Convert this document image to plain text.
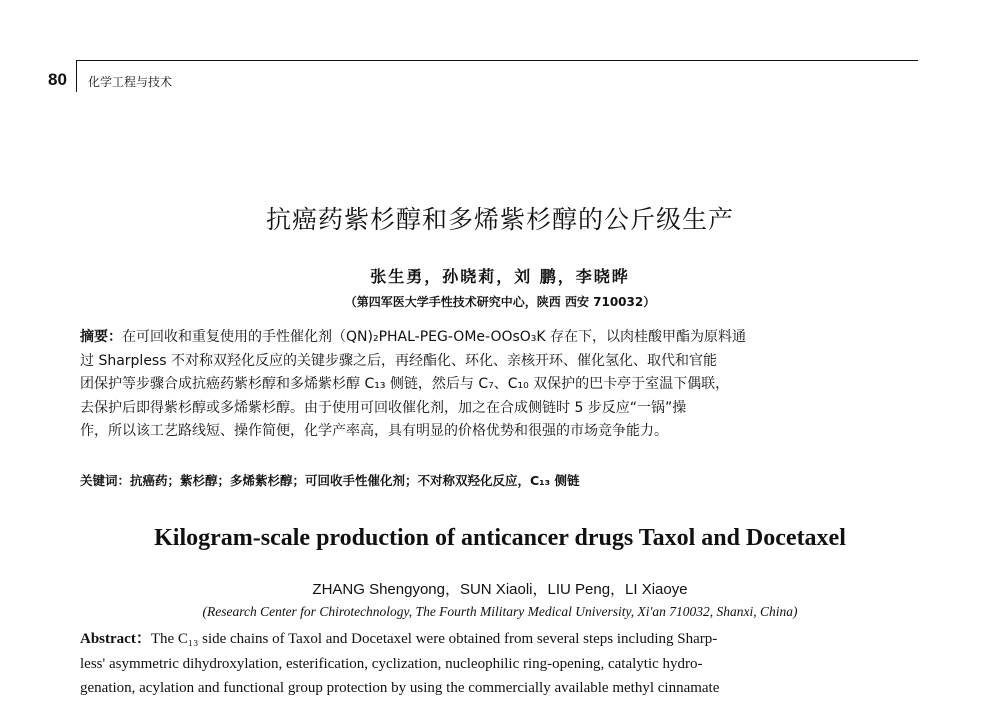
80 化学工程与技术
抗癌药紫杉醇和多烯紫杉醇的公斤级生产
张生勇，孙晓莉，刘 鹏，李晓晔
（第四军医大学手性技术研究中心，陕西 西安 710032）
摘要：在可回收和重复使用的手性催化剂（QN)₂PHAL-PEG-OMe-OOsO₃K 存在下，以肉桂酸甲酯为原料通
过 Sharpless 不对称双羟化反应的关键步骤之后，再经酯化、环化、亲核开环、催化氢化、取代和官能
团保护等步骤合成抗癌药紫杉醇和多烯紫杉醇 C₁₃ 侧链，然后与 C₇、C₁₀ 双保护的巴卡亭于室温下偶联，
去保护后即得紫杉醇或多烯紫杉醇。由于使用可回收催化剂，加之在合成侧链时 5 步反应“一锅”操
作，所以该工艺路线短、操作简便，化学产率高，具有明显的价格优势和很强的市场竞争能力。
关键词：抗癌药；紫杉醇；多烯紫杉醇；可回收手性催化剂；不对称双羟化反应，C₁₃ 侧链
Kilogram-scale production of anticancer drugs Taxol and Docetaxel
ZHANG Shengyong，SUN Xiaoli，LIU Peng，LI Xiaoye
(Research Center for Chirotechnology, The Fourth Military Medical University, Xi'an 710032, Shanxi, China)
Abstract：The C₁₃ side chains of Taxol and Docetaxel were obtained from several steps including Sharp-
less' asymmetric dihydroxylation, esterification, cyclization, nucleophilic ring-opening, catalytic hydro-
genation, acylation and functional group protection by using the commercially available methyl cinnamate
